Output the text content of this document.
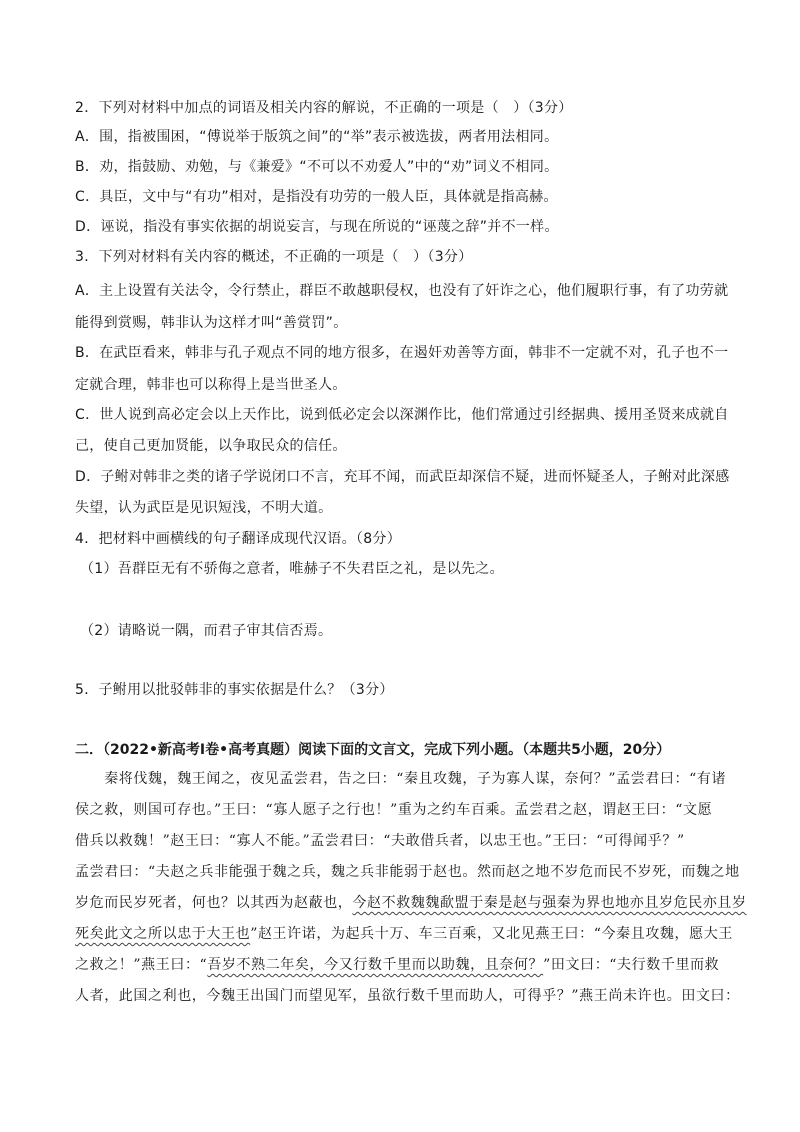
2．下列对材料中加点的词语及相关内容的解说，不正确的一项是（　）（3分）
A．围，指被围困，“傅说举于版筑之间”的“举”表示被选拔，两者用法相同。
B．劝，指鼓励、劝勉，与《兼爱》“不可以不劝爱人”中的“劝”词义不相同。
C．具臣，文中与“有功”相对，是指没有功劳的一般人臣，具体就是指高赫。
D．诬说，指没有事实依据的胡说妄言，与现在所说的“诬蔑之辞”并不一样。
3．下列对材料有关内容的概述，不正确的一项是（　）（3分）
A．主上设置有关法令，令行禁止，群臣不敢越职侵权，也没有了奸诈之心，他们履职行事，有了功劳就
能得到赏赐，韩非认为这样才叫“善赏罚”。
B．在武臣看来，韩非与孔子观点不同的地方很多，在遏奸劝善等方面，韩非不一定就不对，孔子也不一
定就合理，韩非也可以称得上是当世圣人。
C．世人说到高必定会以上天作比，说到低必定会以深渊作比，他们常通过引经据典、援用圣贤来成就自
己，使自己更加贤能，以争取民众的信任。
D．子鲋对韩非之类的诸子学说闭口不言，充耳不闻，而武臣却深信不疑，进而怀疑圣人，子鲋对此深感
失望，认为武臣是见识短浅，不明大道。
4．把材料中画横线的句子翻译成现代汉语。（8分）
（1）吾群臣无有不骄侮之意者，唯赫子不失君臣之礼，是以先之。
（2）请略说一隅，而君子审其信否焉。
5．子鲋用以批驳韩非的事实依据是什么？（3分）
二．（2022•新高考Ⅰ卷•高考真题）阅读下面的文言文，完成下列小题。（本题共5小题，20分）
　　秦将伐魏，魏王闻之，夜见孟尝君，告之曰：“秦且攻魏，子为寡人谋，奈何？”孟尝君曰：“有诸
侯之救，则国可存也。”王曰：“寡人愿子之行也！”重为之约车百乘。孟尝君之赵，谓赵王曰：“文愿
借兵以救魏！”赵王曰：“寡人不能。”孟尝君曰：“夫敢借兵者，以忠王也。”王曰：“可得闻乎？”
孟尝君曰：“夫赵之兵非能强于魏之兵，魏之兵非能弱于赵也。然而赵之地不岁危而民不岁死，而魏之地
岁危而民岁死者，何也？以其西为赵蔽也，今赵不救魏魏歃盟于秦是赵与强秦为界也地亦且岁危民亦且岁
死矣此文之所以忠于大王也”赵王许诺，为起兵十万、车三百乘，又北见燕王曰：“今秦且攻魏，愿大王
之救之！”燕王曰：“吾岁不熟二年矣，今又行数千里而以助魏，且奈何？”田文曰：“夫行数千里而救
人者，此国之利也，今魏王出国门而望见军，虽欲行数千里而助人，可得乎？”燕王尚未许也。田文曰：
